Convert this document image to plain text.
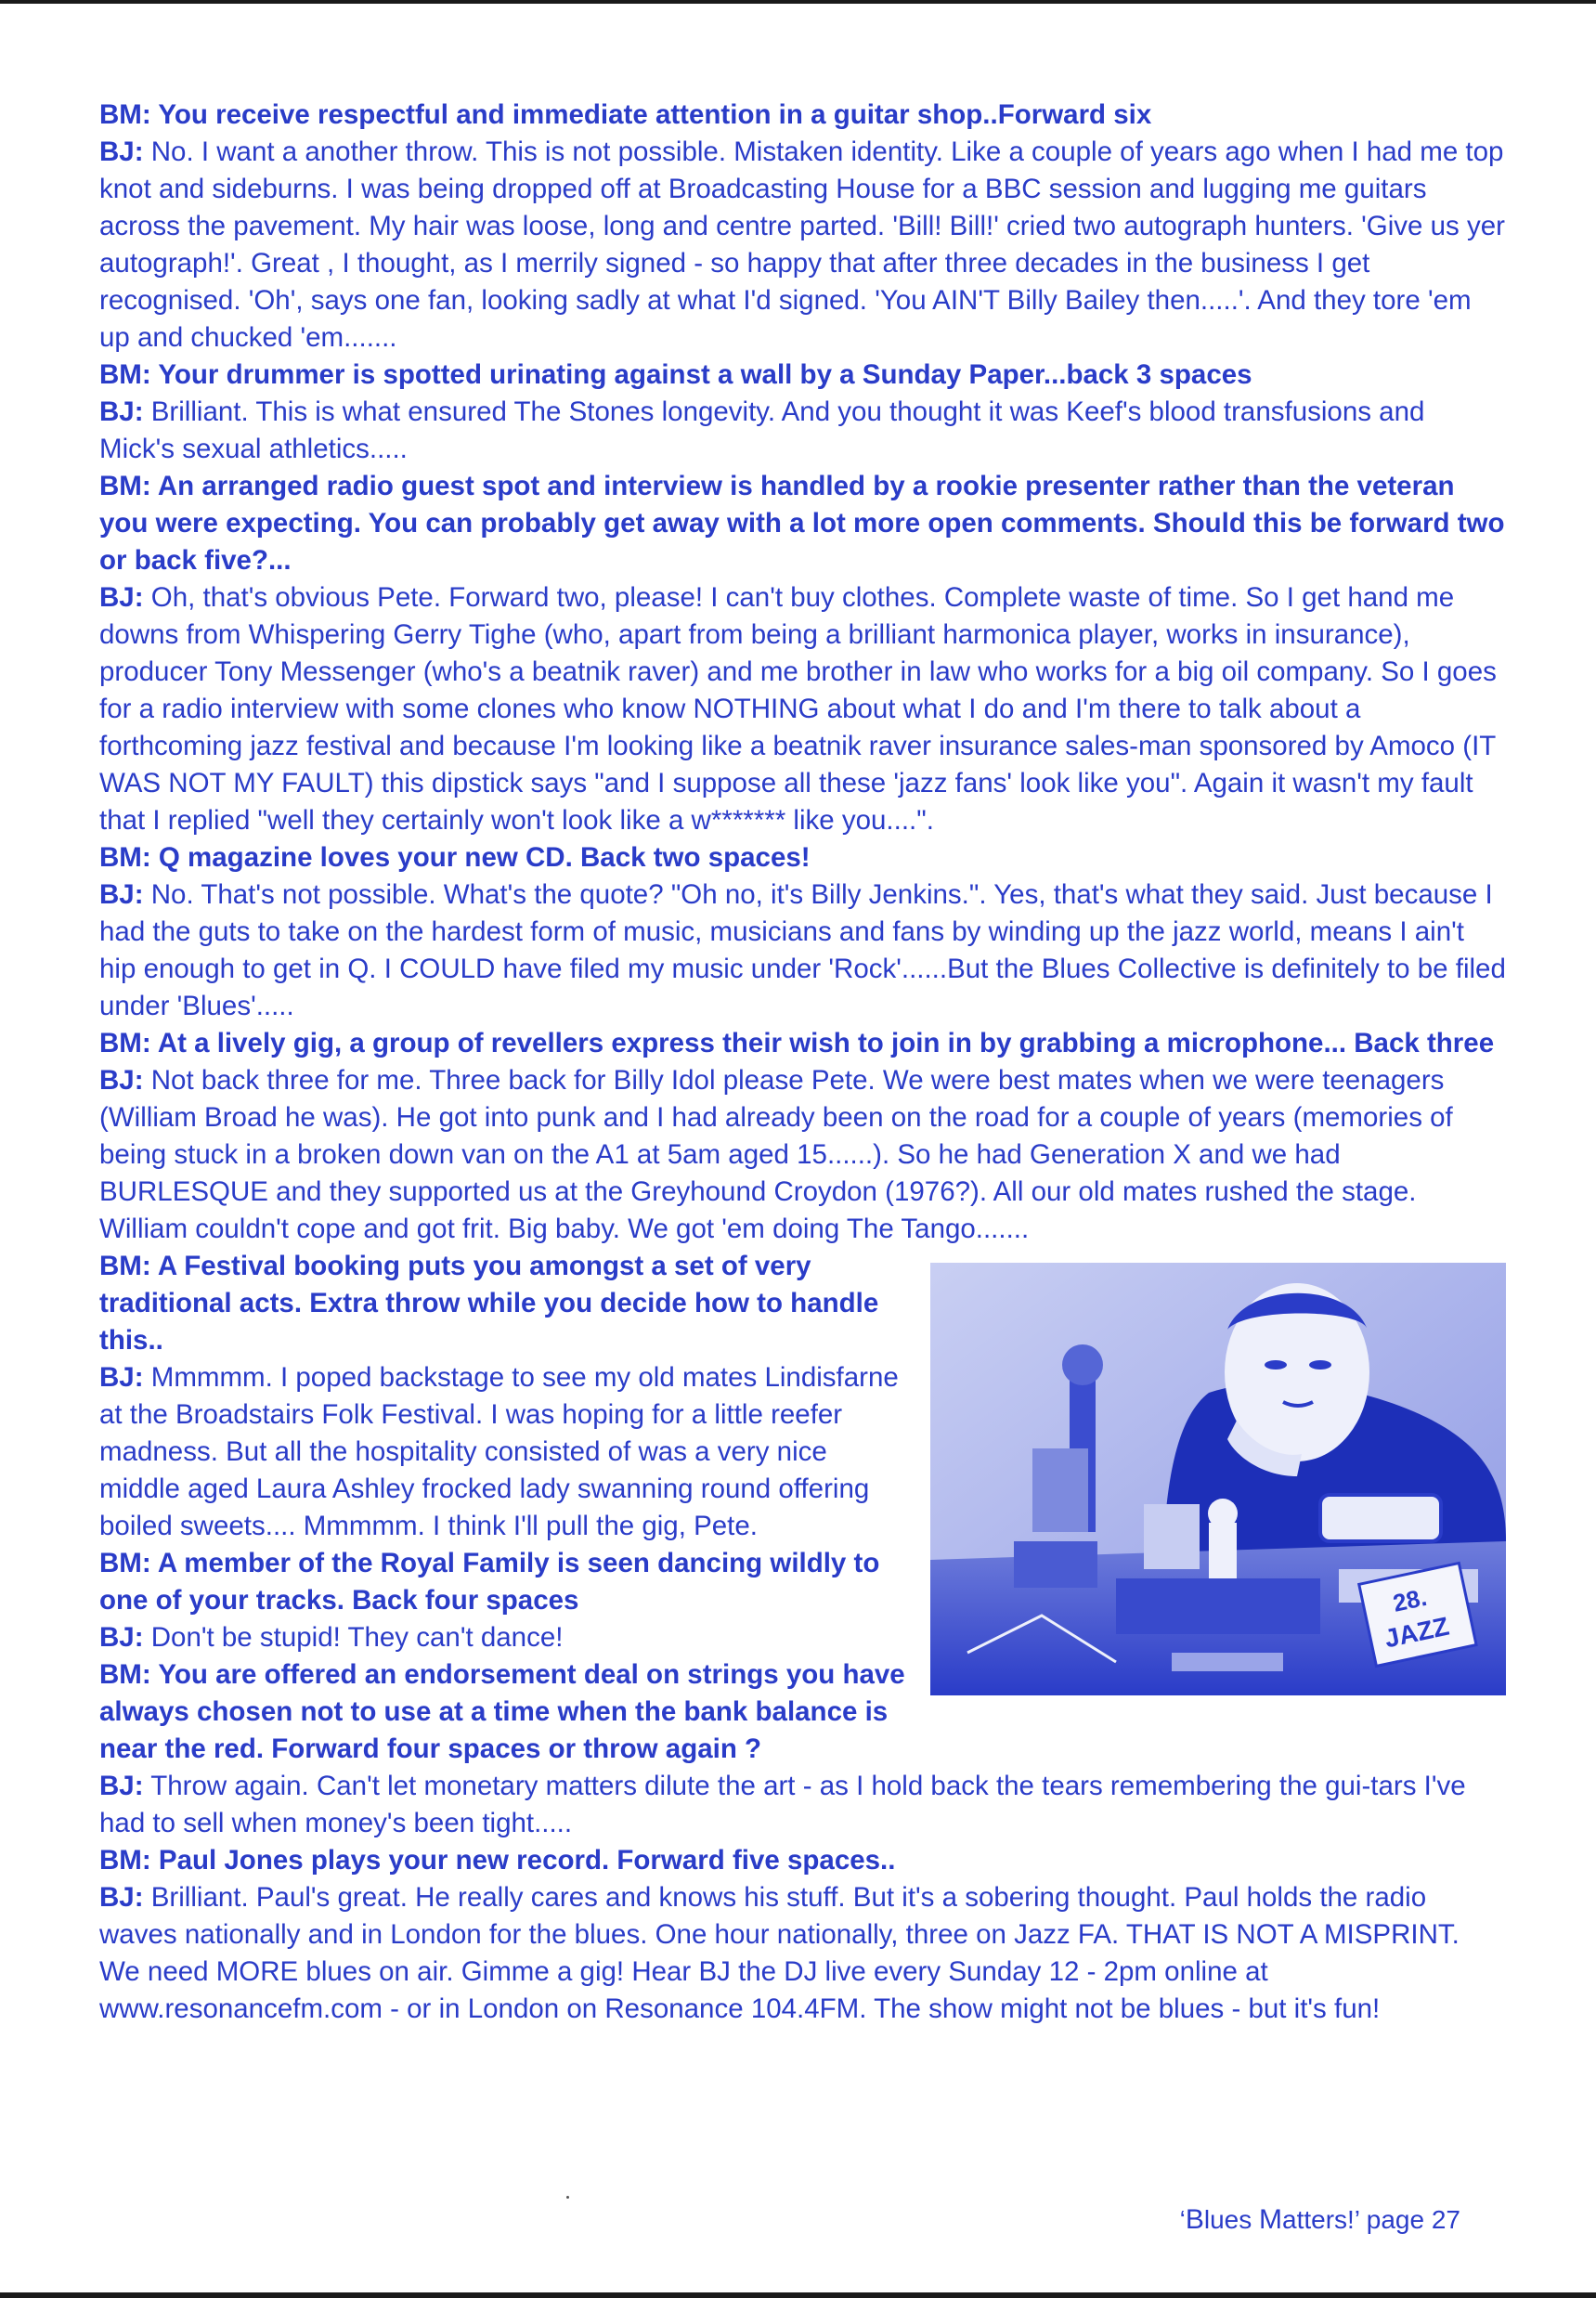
BM: You receive respectful and immediate attention in a guitar shop..Forward six

BJ: No. I want a another throw. This is not possible. Mistaken identity. Like a couple of years ago when I had me top knot and sideburns. I was being dropped off at Broadcasting House for a BBC session and lugging me guitars across the pavement. My hair was loose, long and centre parted. 'Bill! Bill!' cried two autograph hunters. 'Give us yer autograph!'. Great , I thought, as I merrily signed - so happy that after three decades in the business I get recognised. 'Oh', says one fan, looking sadly at what I'd signed. 'You AIN'T Billy Bailey then.....'. And they tore 'em up and chucked 'em.......

BM: Your drummer is spotted urinating against a wall by a Sunday Paper...back 3 spaces

BJ: Brilliant. This is what ensured The Stones longevity. And you thought it was Keef's blood transfusions and Mick's sexual athletics.....

BM: An arranged radio guest spot and interview is handled by a rookie presenter rather than the veteran you were expecting. You can probably get away with a lot more open comments. Should this be forward two or back five?...

BJ: Oh, that's obvious Pete. Forward two, please! I can't buy clothes. Complete waste of time. So I get hand me downs from Whispering Gerry Tighe (who, apart from being a brilliant harmonica player, works in insurance), producer Tony Messenger (who's a beatnik raver) and me brother in law who works for a big oil company. So I goes for a radio interview with some clones who know NOTHING about what I do and I'm there to talk about a forthcoming jazz festival and because I'm looking like a beatnik raver insurance sales-man sponsored by Amoco (IT WAS NOT MY FAULT) this dipstick says "and I suppose all these 'jazz fans' look like you". Again it wasn't my fault that I replied "well they certainly won't look like a w******* like you....".

BM: Q magazine loves your new CD. Back two spaces!

BJ: No. That's not possible. What's the quote? "Oh no, it's Billy Jenkins.". Yes, that's what they said. Just because I had the guts to take on the hardest form of music, musicians and fans by winding up the jazz world, means I ain't hip enough to get in Q. I COULD have filed my music under 'Rock'......But the Blues Collective is definitely to be filed under 'Blues'.....

BM: At a lively gig, a group of revellers express their wish to join in by grabbing a microphone... Back three

BJ: Not back three for me. Three back for Billy Idol please Pete. We were best mates when we were teenagers (William Broad he was). He got into punk and I had already been on the road for a couple of years (memories of being stuck in a broken down van on the A1 at 5am aged 15......). So he had Generation X and we had BURLESQUE and they supported us at the Greyhound Croydon (1976?). All our old mates rushed the stage. William couldn't cope and got frit. Big baby. We got 'em doing The Tango.......

28.
JAZZ

BM: A Festival booking puts you amongst a set of very traditional acts. Extra throw while you decide how to handle this..

BJ: Mmmmm. I poped backstage to see my old mates Lindisfarne at the Broadstairs Folk Festival. I was hoping for a little reefer madness. But all the hospitality consisted of was a very nice middle aged Laura Ashley frocked lady swanning round offering boiled sweets.... Mmmmm. I think I'll pull the gig, Pete.

BM: A member of the Royal Family is seen dancing wildly to one of your tracks. Back four spaces

BJ: Don't be stupid! They can't dance!

BM: You are offered an endorsement deal on strings you have always chosen not to use at a time when the bank balance is near the red. Forward four spaces or throw again ?

BJ: Throw again. Can't let monetary matters dilute the art - as I hold back the tears remembering the gui-tars I've had to sell when money's been tight.....

BM: Paul Jones plays your new record. Forward five spaces..

BJ: Brilliant. Paul's great. He really cares and knows his stuff. But it's a sobering thought. Paul holds the radio waves nationally and in London for the blues. One hour nationally, three on Jazz FA. THAT IS NOT A MISPRINT. We need MORE blues on air. Gimme a gig! Hear BJ the DJ live every Sunday 12 - 2pm online at www.resonancefm.com - or in London on Resonance 104.4FM. The show might not be blues - but it's fun!

‘Blues Matters!’ page 27
